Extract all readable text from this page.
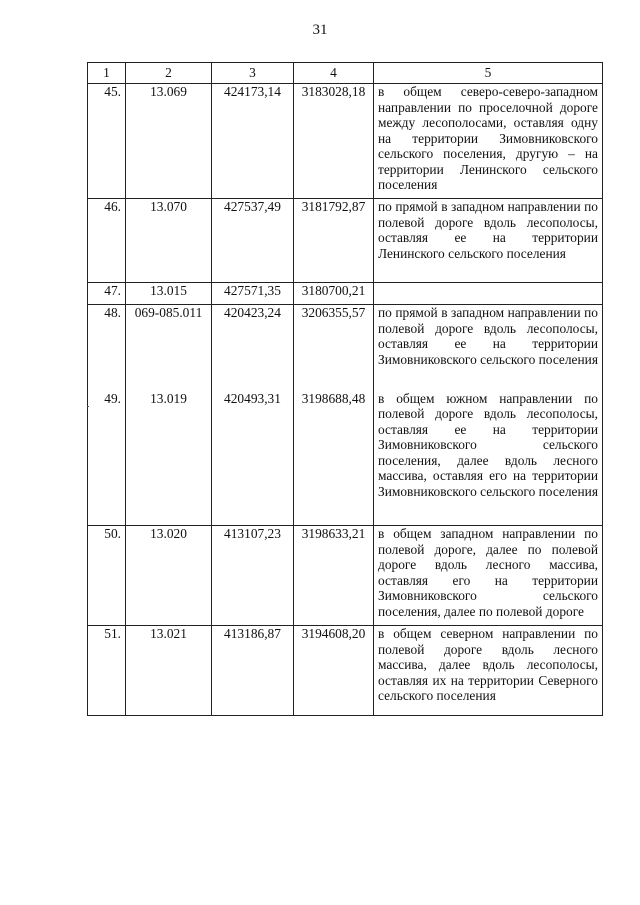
31
1	2	3	4	5
45.	13.069	424173,14	3183028,18	в общем северо-северо-западном направлении по проселочной дороге между лесополосами, оставляя одну на территории Зимовниковского сельского поселения, другую – на территории Ленинского сельского поселения
46.	13.070	427537,49	3181792,87	по прямой в западном направлении по полевой дороге вдоль лесополосы, оставляя ее на территории Ленинского сельского поселения
47.	13.015	427571,35	3180700,21	
48.	069-085.011	420423,24	3206355,57	по прямой в западном направлении по полевой дороге вдоль лесополосы, оставляя ее на территории Зимовниковского сельского поселения
49.	13.019	420493,31	3198688,48	в общем южном направлении по полевой дороге вдоль лесополосы, оставляя ее на территории Зимовниковского сельского поселения, далее вдоль лесного массива, оставляя его на территории Зимовниковского сельского поселения
50.	13.020	413107,23	3198633,21	в общем западном направлении по полевой дороге, далее по полевой дороге вдоль лесного массива, оставляя его на территории Зимовниковского сельского поселения, далее по полевой дороге
51.	13.021	413186,87	3194608,20	в общем северном направлении по полевой дороге вдоль лесного массива, далее вдоль лесополосы, оставляя их на территории Северного сельского поселения
